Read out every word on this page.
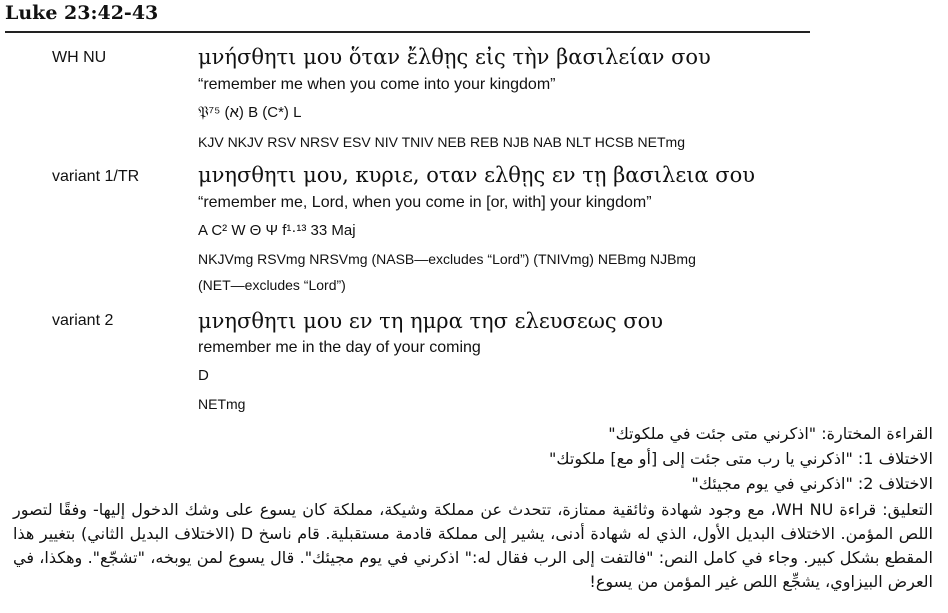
Luke 23:42-43
WH NU	μνήσθητι μου ὅταν ἔλθῃς εἰς τὴν βασιλείαν σου
“remember me when you come into your kingdom”
𝔓⁷⁵ (א) B (C*) L
KJV NKJV RSV NRSV ESV NIV TNIV NEB REB NJB NAB NLT HCSB NETmg
variant 1/TR	μνησθητι μου, κυριε, οταν ελθῃς εν τῃ βασιλεια σου
“remember me, Lord, when you come in [or, with] your kingdom”
A C² W Θ Ψ f¹·¹³ 33 Maj
NKJVmg RSVmg NRSVmg (NASB—excludes “Lord”) (TNIVmg) NEBmg NJBmg
(NET—excludes “Lord”)
variant 2	μνησθητι μου εν τη ημρα τησ ελευσεως σου
remember me in the day of your coming
D
NETmg
القراءة المختارة: "اذكرني متى جئت في ملكوتك"
الاختلاف 1: "اذكرني يا رب متى جئت إلى [أو مع] ملكوتك"
الاختلاف 2: "اذكرني في يوم مجيئك"
التعليق: قراءة WH NU، مع وجود شهادة وثائقية ممتازة، تتحدث عن مملكة وشيكة، مملكة كان يسوع على وشك الدخول إليها- وفقًا لتصور اللص المؤمن. الاختلاف البديل الأول، الذي له شهادة أدنى، يشير إلى مملكة قادمة مستقبلية. قام ناسخ D (الاختلاف البديل الثاني) بتغيير هذا المقطع بشكل كبير. وجاء في كامل النص: "فالتفت إلى الرب فقال له:" اذكرني في يوم مجيئك". قال يسوع لمن يوبخه، "تشجّع". وهكذا، في العرض البيزاوي، يشجِّع اللص غير المؤمن من يسوع!
